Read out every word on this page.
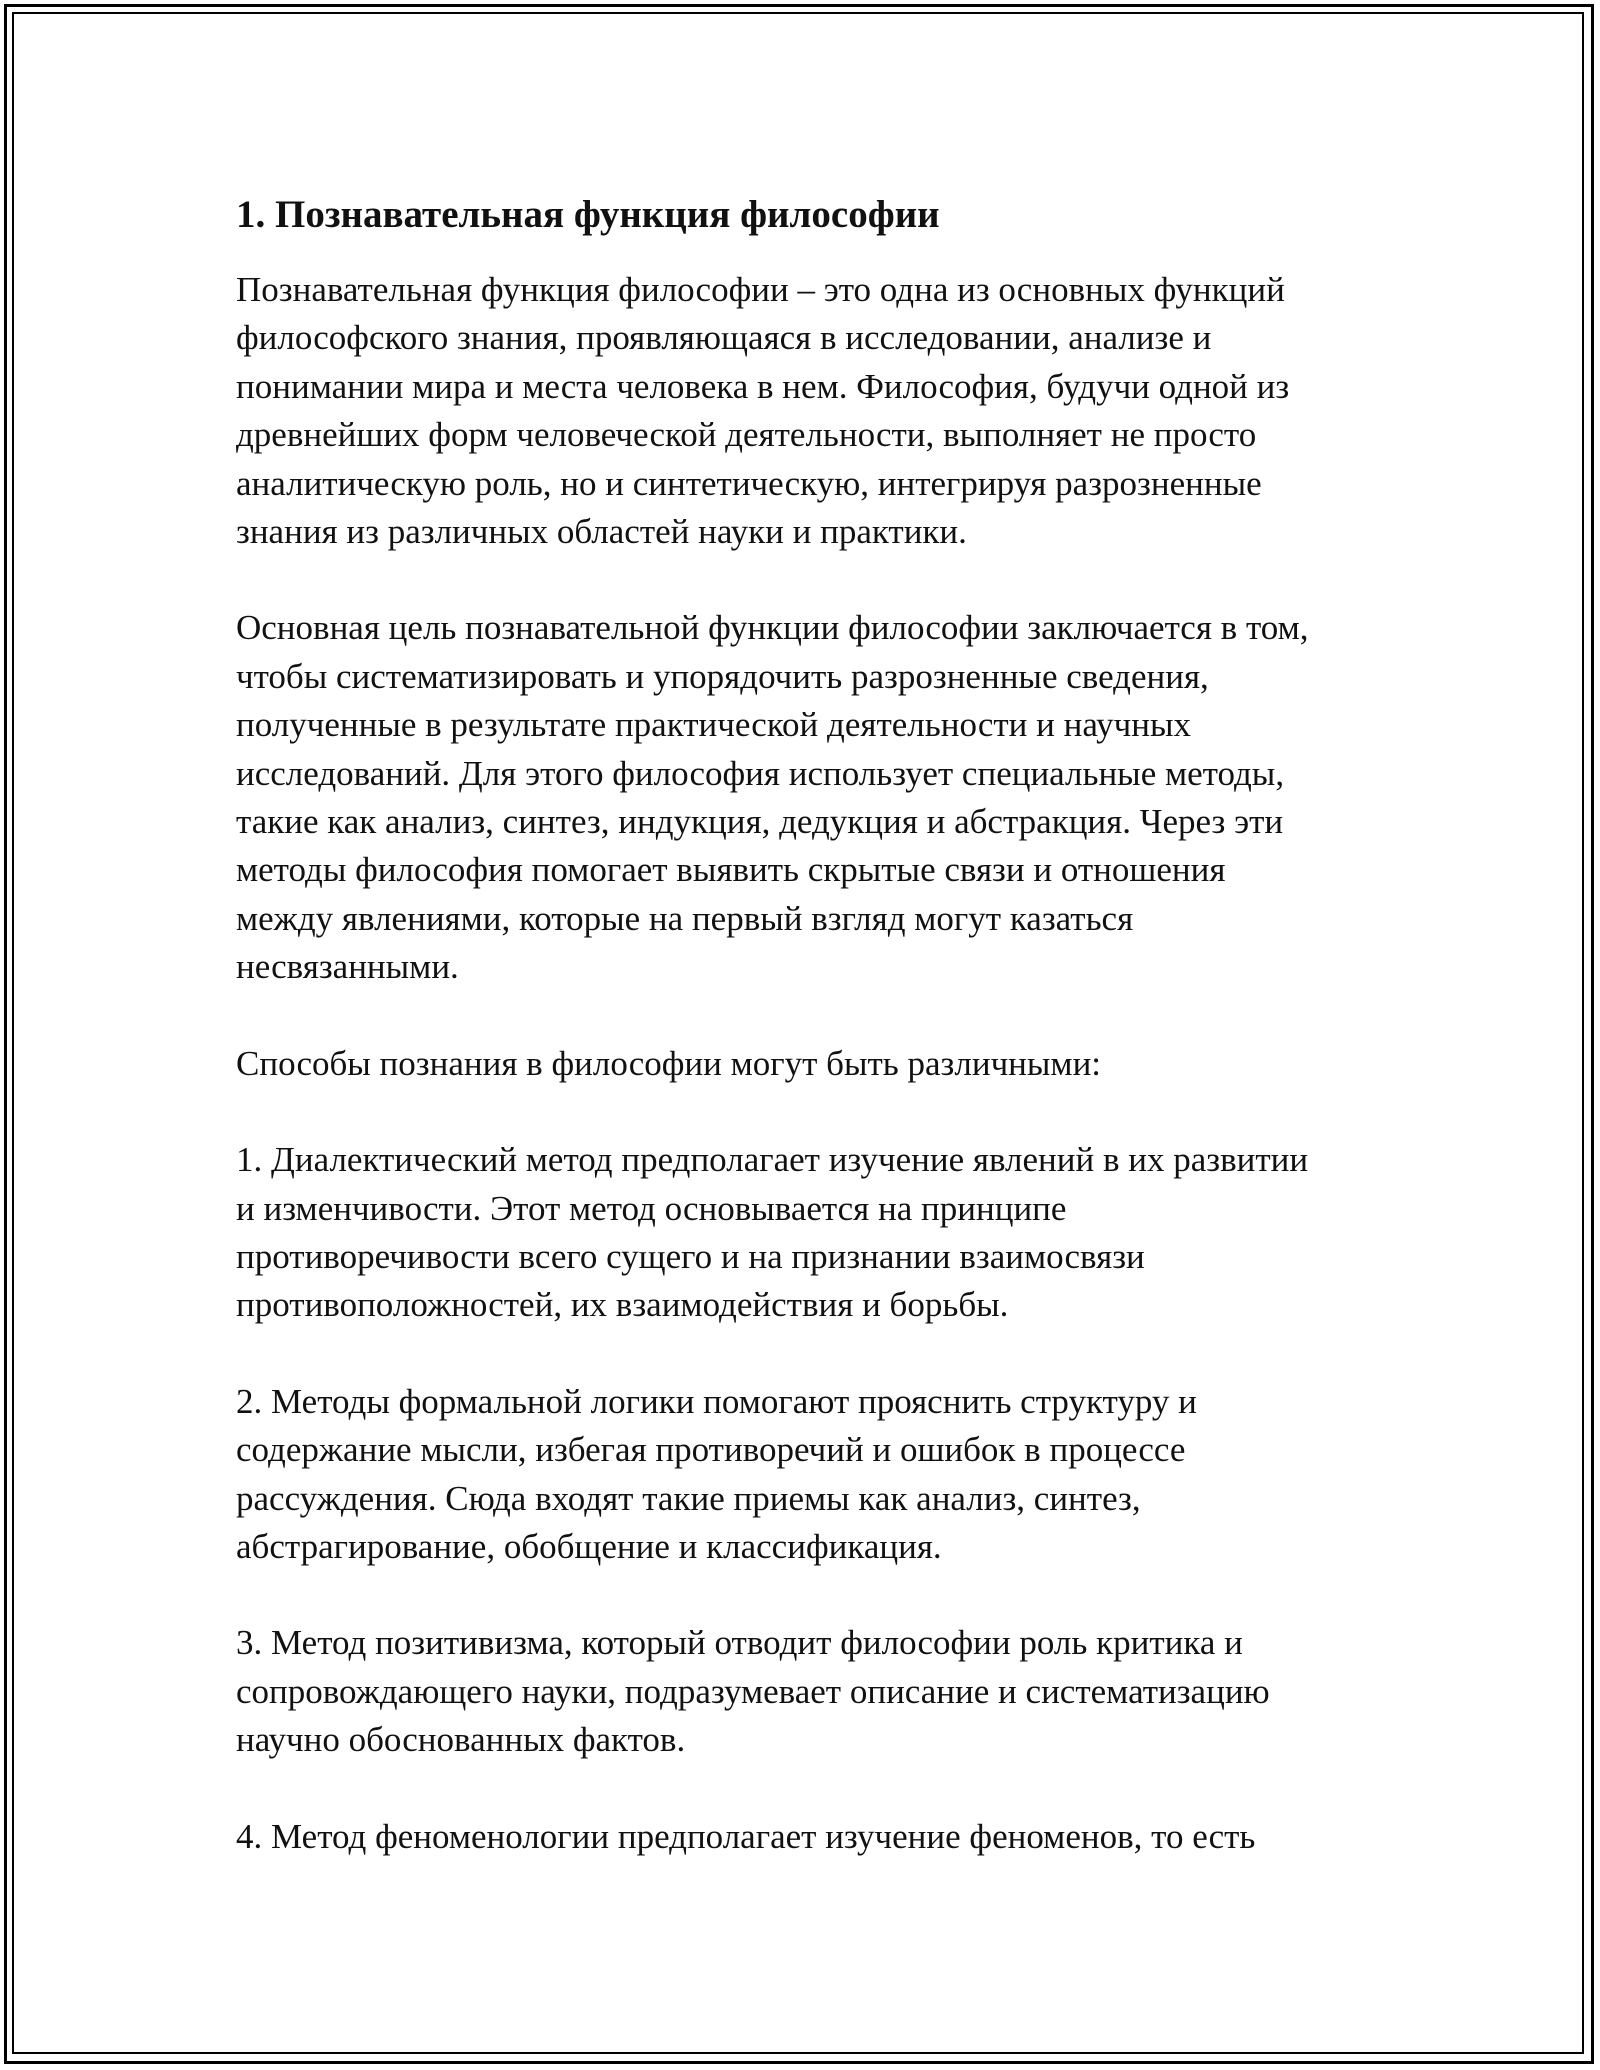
1. Познавательная функция философии

Познавательная функция философии – это одна из основных функций
философского знания, проявляющаяся в исследовании, анализе и
понимании мира и места человека в нем. Философия, будучи одной из
древнейших форм человеческой деятельности, выполняет не просто
аналитическую роль, но и синтетическую, интегрируя разрозненные
знания из различных областей науки и практики.

Основная цель познавательной функции философии заключается в том,
чтобы систематизировать и упорядочить разрозненные сведения,
полученные в результате практической деятельности и научных
исследований. Для этого философия использует специальные методы,
такие как анализ, синтез, индукция, дедукция и абстракция. Через эти
методы философия помогает выявить скрытые связи и отношения
между явлениями, которые на первый взгляд могут казаться
несвязанными.

Способы познания в философии могут быть различными:

1. Диалектический метод предполагает изучение явлений в их развитии
и изменчивости. Этот метод основывается на принципе
противоречивости всего сущего и на признании взаимосвязи
противоположностей, их взаимодействия и борьбы.

2. Методы формальной логики помогают прояснить структуру и
содержание мысли, избегая противоречий и ошибок в процессе
рассуждения. Сюда входят такие приемы как анализ, синтез,
абстрагирование, обобщение и классификация.

3. Метод позитивизма, который отводит философии роль критика и
сопровождающего науки, подразумевает описание и систематизацию
научно обоснованных фактов.

4. Метод феноменологии предполагает изучение феноменов, то есть
